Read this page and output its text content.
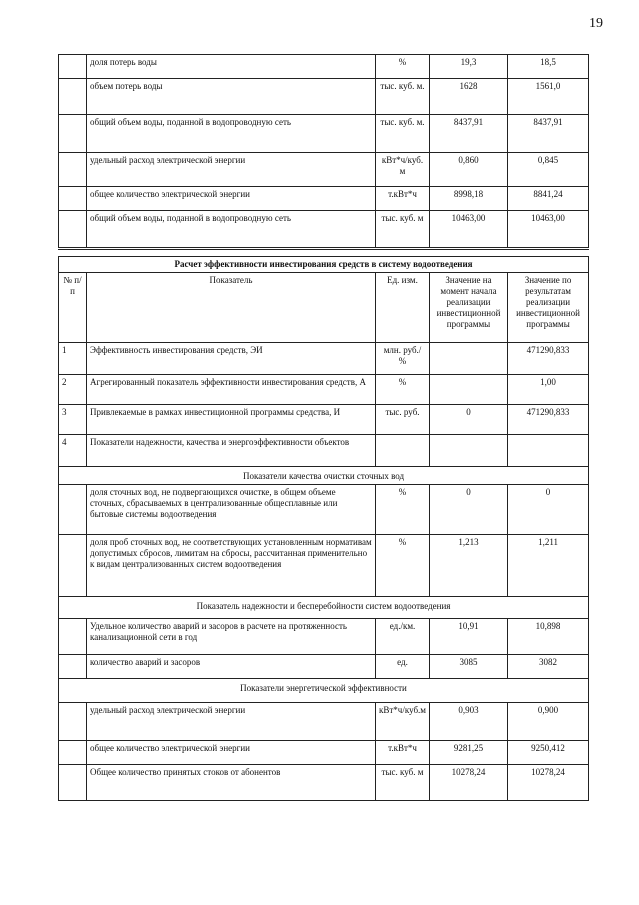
19
	доля потерь воды	%	19,3	18,5
	объем потерь воды	тыс. куб. м.	1628	1561,0
	общий объем воды, поданной в водопроводную сеть	тыс. куб. м.	8437,91	8437,91
	удельный расход электрической энергии	кВт*ч/куб. м	0,860	0,845
	общее количество электрической энергии	т.кВт*ч	8998,18	8841,24
	общий объем воды, поданной в водопроводную сеть	тыс. куб. м	10463,00	10463,00
Расчет эффективности инвестирования средств в систему водоотведения				
№ п/п	Показатель	Ед. изм.	Значение на момент начала реализации инвестиционной программы	Значение по результатам реализации инвестиционной программы
1	Эффективность инвестирования средств, ЭИ	млн. руб./ %		471290,833
2	Агрегированный показатель эффективности инвестирования средств, А	%		1,00
3	Привлекаемые в рамках инвестиционной программы средства, И	тыс. руб.	0	471290,833
4	Показатели надежности, качества и энергоэффективности объектов			
Показатели качества очистки сточных вод				
	доля сточных вод, не подвергающихся очистке, в общем объеме сточных, сбрасываемых в централизованные общесплавные или бытовые системы водоотведения	%	0	0
	доля проб сточных вод, не соответствующих установленным нормативам допустимых сбросов, лимитам на сбросы, рассчитанная применительно к видам централизованных систем водоотведения	%	1,213	1,211
Показатель надежности и бесперебойности систем водоотведения				
	Удельное количество аварий и засоров в расчете на протяженность канализационной сети в год	ед./км.	10,91	10,898
	количество аварий и засоров	ед.	3085	3082
Показатели энергетической эффективности				
	удельный расход электрической энергии	кВт*ч/куб.м	0,903	0,900
	общее количество электрической энергии	т.кВт*ч	9281,25	9250,412
	Общее количество принятых стоков от абонентов	тыс. куб. м	10278,24	10278,24
